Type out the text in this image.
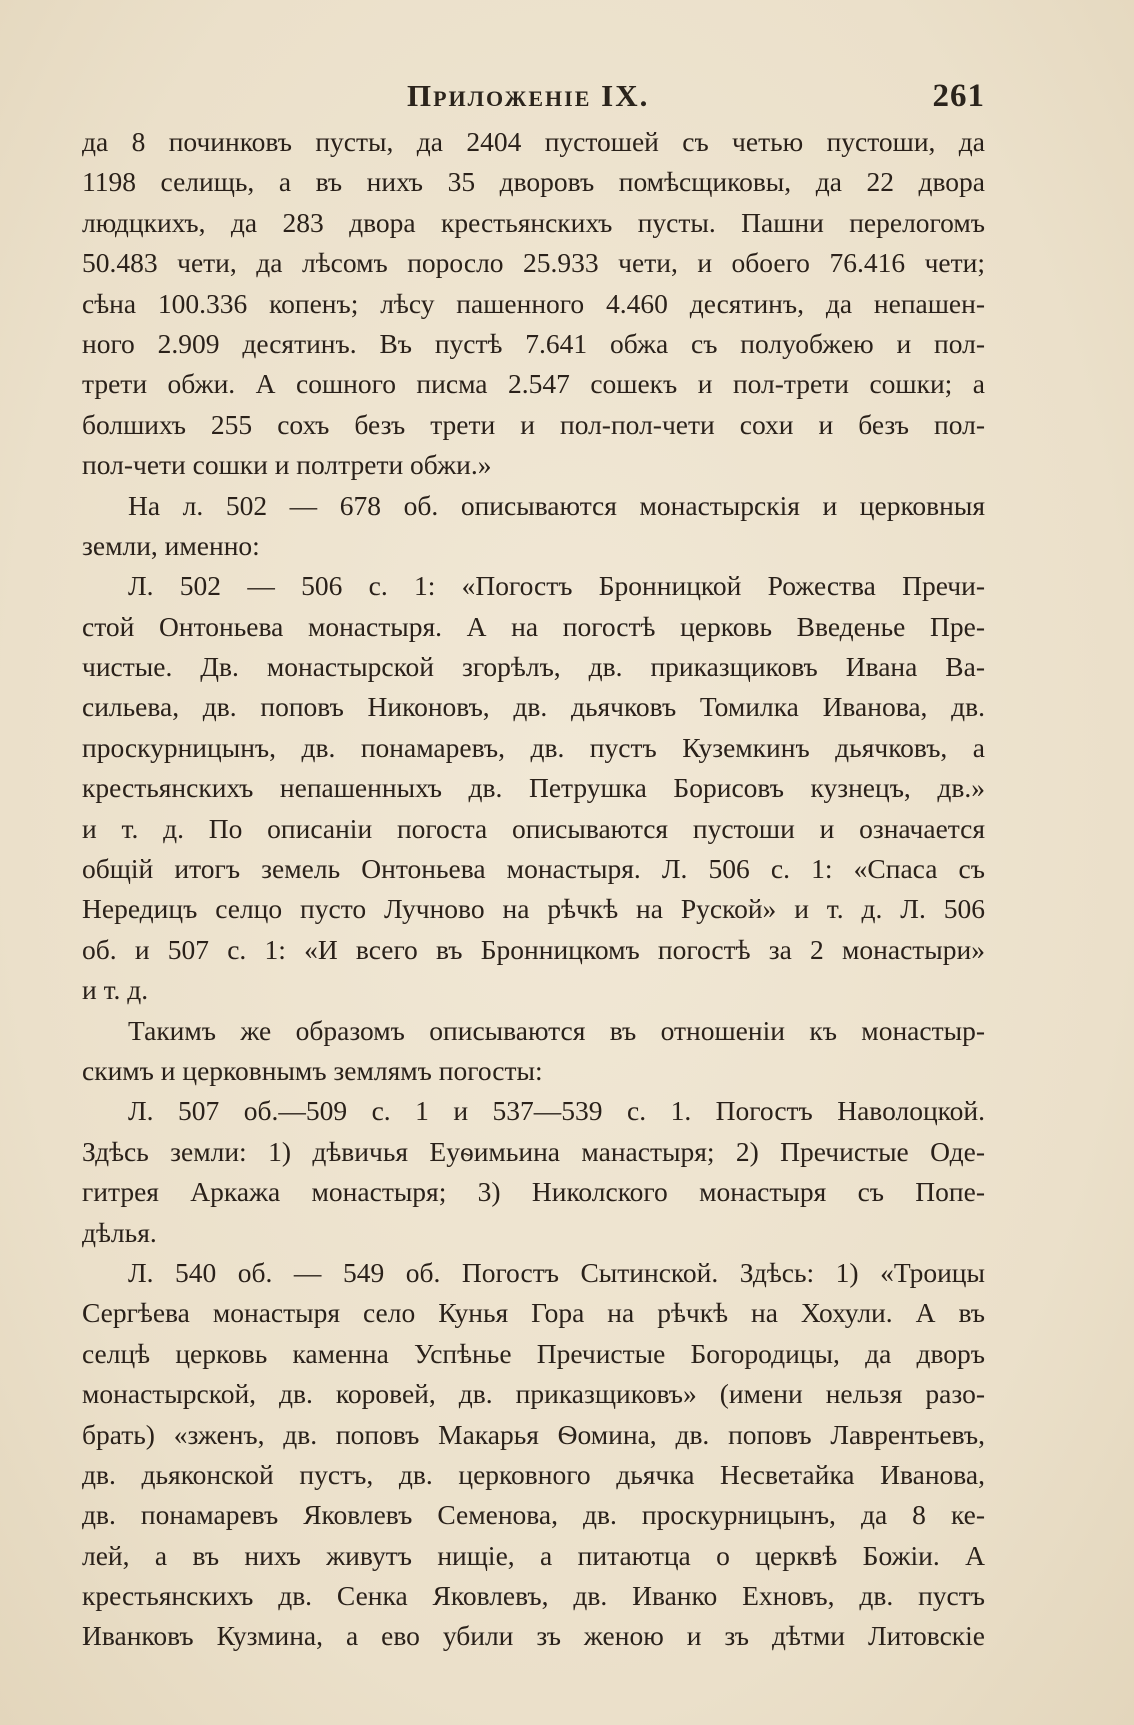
Приложеніе IX.	261
да 8 починковъ пусты, да 2404 пустошей съ четью пустоши, да
1198 селищь, а въ нихъ 35 дворовъ помѣсщиковы, да 22 двора
людцкихъ, да 283 двора крестьянскихъ пусты. Пашни перелогомъ
50.483 чети, да лѣсомъ поросло 25.933 чети, и обоего 76.416 чети;
сѣна 100.336 копенъ; лѣсу пашенного 4.460 десятинъ, да непашен-
ного 2.909 десятинъ. Въ пустѣ 7.641 обжа съ полуобжею и пол-
трети обжи. А сошного писма 2.547 сошекъ и пол-трети сошки; а
болшихъ 255 сохъ безъ трети и пол-пол-чети сохи и безъ пол-
пол-чети сошки и полтрети обжи.»
На л. 502 — 678 об. описываются монастырскія и церковныя
земли, именно:
Л. 502 — 506 с. 1: «Погостъ Бронницкой Рожества Пречи-
стой Онтоньева монастыря. А на погостѣ церковь Введенье Пре-
чистые. Дв. монастырской згорѣлъ, дв. приказщиковъ Ивана Ва-
сильева, дв. поповъ Никоновъ, дв. дьячковъ Томилка Иванова, дв.
проскурницынъ, дв. понамаревъ, дв. пустъ Куземкинъ дьячковъ, а
крестьянскихъ непашенныхъ дв. Петрушка Борисовъ кузнецъ, дв.»
и т. д. По описаніи погоста описываются пустоши и означается
общій итогъ земель Онтоньева монастыря. Л. 506 с. 1: «Спаса съ
Нередицъ селцо пусто Лучново на рѣчкѣ на Руской» и т. д. Л. 506
об. и 507 с. 1: «И всего въ Бронницкомъ погостѣ за 2 монастыри»
и т. д.
Такимъ же образомъ описываются въ отношеніи къ монастыр-
скимъ и церковнымъ землямъ погосты:
Л. 507 об.—509 с. 1 и 537—539 с. 1. Погостъ Наволоцкой.
Здѣсь земли: 1) дѣвичья Еуѳимьина манастыря; 2) Пречистые Оде-
гитрея Аркажа монастыря; 3) Николского монастыря съ Попе-
дѣлья.
Л. 540 об. — 549 об. Погостъ Сытинской. Здѣсь: 1) «Троицы
Сергѣева монастыря село Кунья Гора на рѣчкѣ на Хохули. А въ
селцѣ церковь каменна Успѣнье Пречистые Богородицы, да дворъ
монастырской, дв. коровей, дв. приказщиковъ» (имени нельзя разо-
брать) «зженъ, дв. поповъ Макарья Ѳомина, дв. поповъ Лаврентьевъ,
дв. дьяконской пустъ, дв. церковного дьячка Несветайка Иванова,
дв. понамаревъ Яковлевъ Семенова, дв. проскурницынъ, да 8 ке-
лей, а въ нихъ живутъ нищіе, а питаютца о церквѣ Божіи. А
крестьянскихъ дв. Сенка Яковлевъ, дв. Иванко Ехновъ, дв. пустъ
Иванковъ Кузмина, а ево убили зъ женою и зъ дѣтми Литовскіе
